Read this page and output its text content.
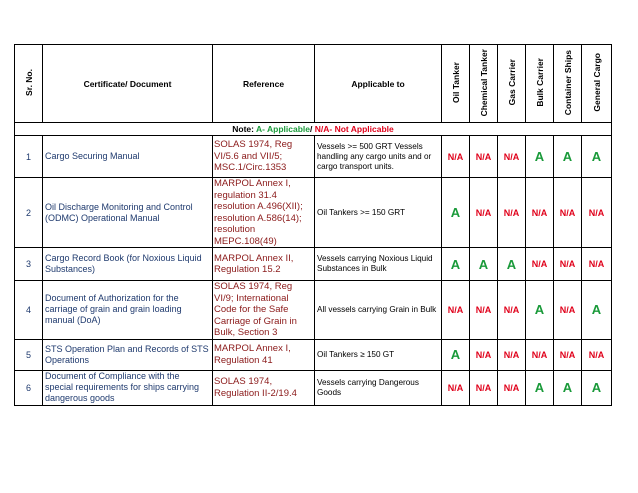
Sr. No.	Certificate/ Document	Reference	Applicable to	Oil Tanker	Chemical Tanker	Gas Carrier	Bulk Carrier	Container Ships	General Cargo
Note: A- Applicable/ N/A- Not Applicable									
1	Cargo Securing Manual	SOLAS 1974, Reg VI/5.6 and VII/5; MSC.1/Circ.1353	Vessels >= 500 GRT Vessels handling any cargo units and or cargo transport units.	N/A	N/A	N/A	A	A	A
2	Oil Discharge Monitoring and Control (ODMC) Operational Manual	MARPOL Annex I, regulation 31.4 resolution A.496(XII); resolution A.586(14); resolution MEPC.108(49)	Oil Tankers >= 150 GRT	A	N/A	N/A	N/A	N/A	N/A
3	Cargo Record Book (for Noxious Liquid Substances)	MARPOL Annex II, Regulation 15.2	Vessels carrying Noxious Liquid Substances in Bulk	A	A	A	N/A	N/A	N/A
4	Document of Authorization for the carriage of grain and grain loading manual (DoA)	SOLAS 1974, Reg VI/9; International Code for the Safe Carriage of Grain in Bulk, Section 3	All vessels carrying Grain in Bulk	N/A	N/A	N/A	A	N/A	A
5	STS Operation Plan and Records of STS Operations	MARPOL Annex I, Regulation 41	Oil Tankers ≥ 150 GT	A	N/A	N/A	N/A	N/A	N/A
6	Document of Compliance with the special requirements for ships carrying dangerous goods	SOLAS 1974, Regulation II-2/19.4	Vessels carrying Dangerous Goods	N/A	N/A	N/A	A	A	A
